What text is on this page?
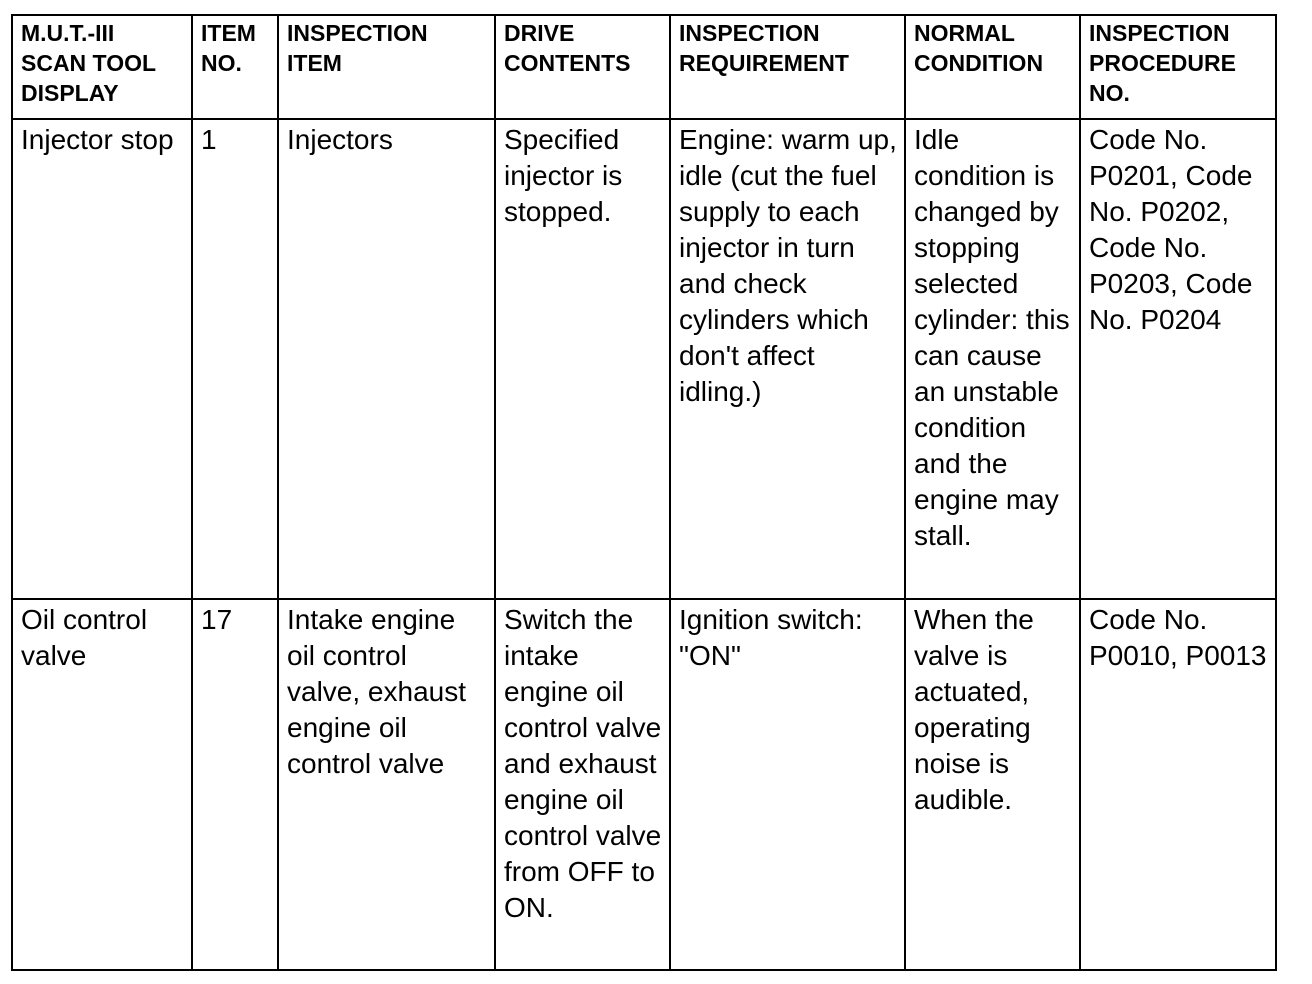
M.U.T.-III SCAN TOOL DISPLAY	ITEM NO.	INSPECTION ITEM	DRIVE CONTENTS	INSPECTION REQUIREMENT	NORMAL CONDITION	INSPECTION PROCEDURE NO.
Injector stop	1	Injectors	Specified injector is stopped.	Engine: warm up, idle (cut the fuel supply to each injector in turn and check cylinders which don't affect idling.)	Idle condition is changed by stopping selected cylinder: this can cause an unstable condition and the engine may stall.	Code No. P0201, Code No. P0202, Code No. P0203, Code No. P0204
Oil control valve	17	Intake engine oil control valve, exhaust engine oil control valve	Switch the intake engine oil control valve and exhaust engine oil control valve from OFF to ON.	Ignition switch: "ON"	When the valve is actuated, operating noise is audible.	Code No. P0010, P0013
